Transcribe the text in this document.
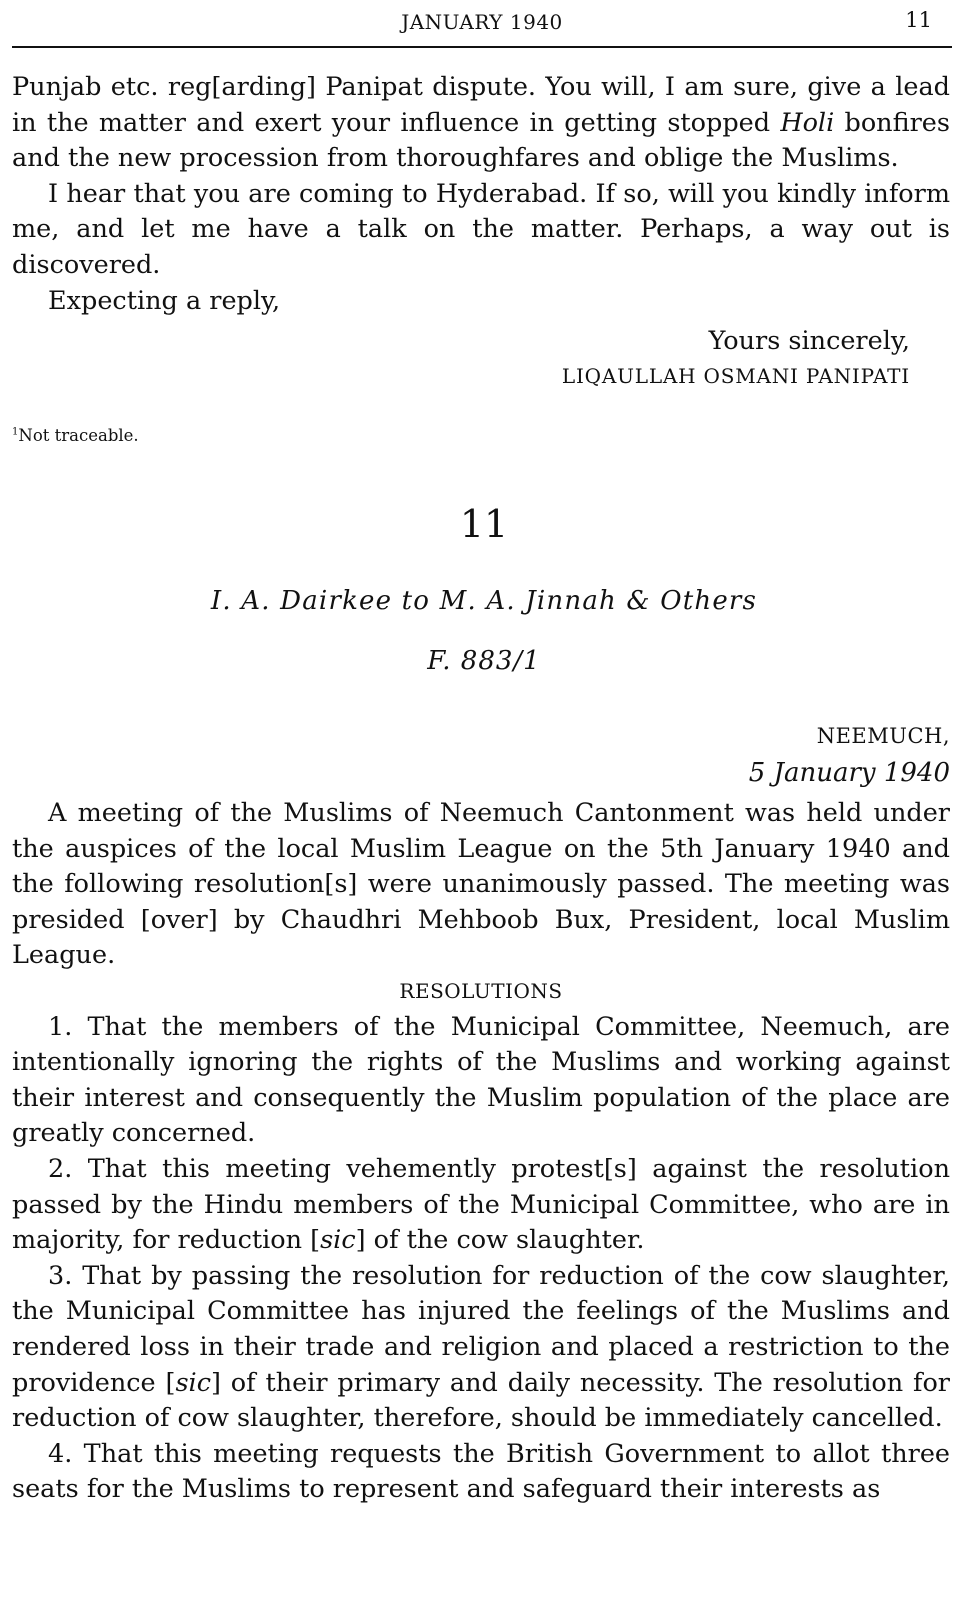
JANUARY 1940	11

Punjab etc. reg[arding] Panipat dispute. You will, I am sure, give a lead in the matter and exert your influence in getting stopped Holi bonfires and the new procession from thoroughfares and oblige the Muslims.

I hear that you are coming to Hyderabad. If so, will you kindly inform me, and let me have a talk on the matter. Perhaps, a way out is discovered.

Expecting a reply,

Yours sincerely,
LIQAULLAH OSMANI PANIPATI
$^1$Not traceable.
11
I. A. Dairkee to M. A. Jinnah & Others
F. 883/1
NEEMUCH,
5 January 1940

A meeting of the Muslims of Neemuch Cantonment was held under the auspices of the local Muslim League on the 5th January 1940 and the following resolution[s] were unanimously passed. The meeting was presided [over] by Chaudhri Mehboob Bux, President, local Muslim League.

RESOLUTIONS

1. That the members of the Municipal Committee, Neemuch, are intentionally ignoring the rights of the Muslims and working against their interest and consequently the Muslim population of the place are greatly concerned.

2. That this meeting vehemently protest[s] against the resolution passed by the Hindu members of the Municipal Committee, who are in majority, for reduction [sic] of the cow slaughter.

3. That by passing the resolution for reduction of the cow slaughter, the Municipal Committee has injured the feelings of the Muslims and rendered loss in their trade and religion and placed a restriction to the providence [sic] of their primary and daily necessity. The resolution for reduction of cow slaughter, therefore, should be immediately cancelled.

4. That this meeting requests the British Government to allot three seats for the Muslims to represent and safeguard their interests as
